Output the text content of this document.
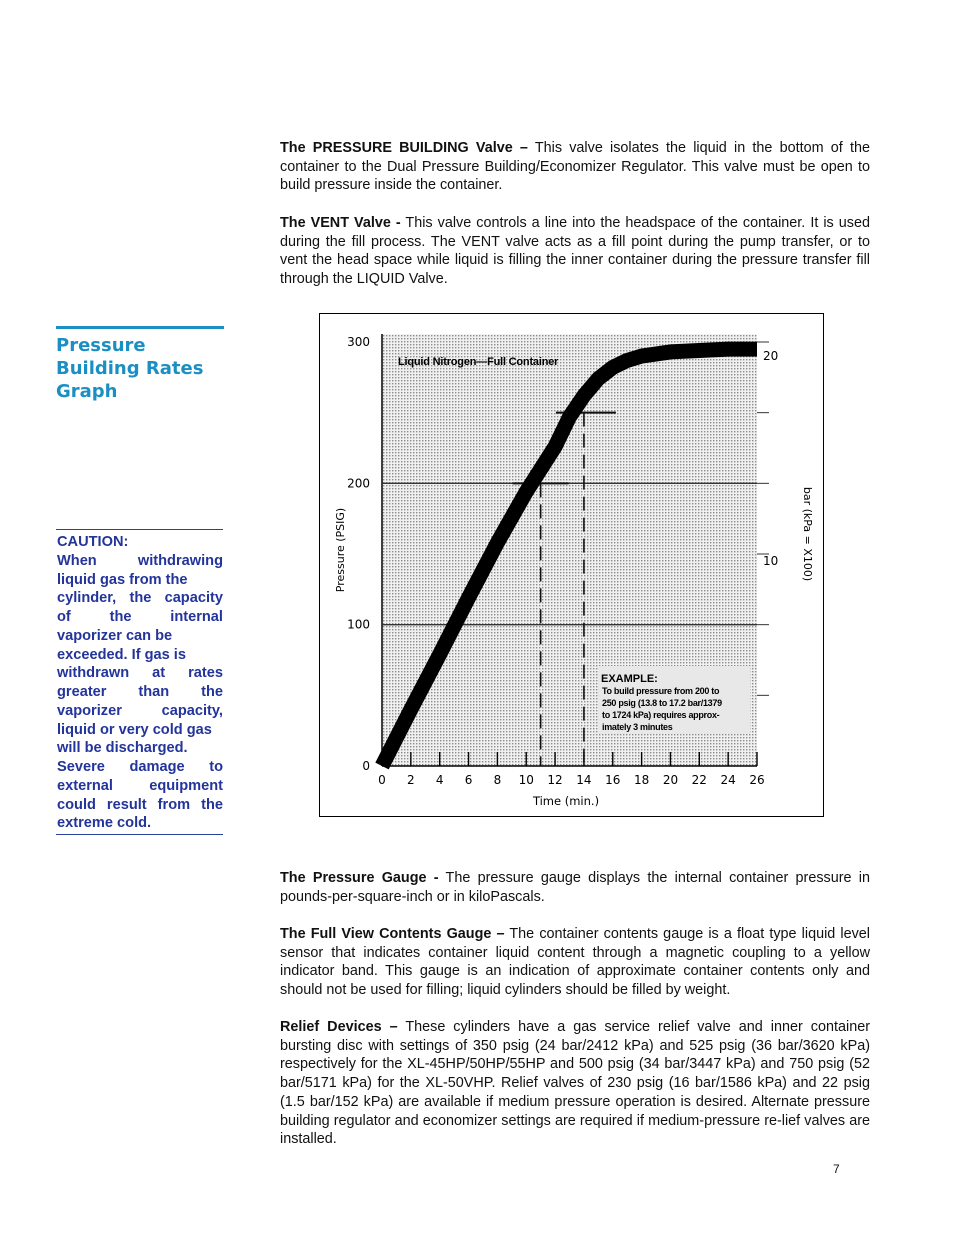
The PRESSURE BUILDING Valve – This valve isolates the liquid in the bottom of the container to the Dual Pressure Building/Economizer Regulator. This valve must be open to build pressure inside the container.

The VENT Valve - This valve controls a line into the headspace of the container. It is used during the fill process. The VENT valve acts as a fill point during the pump transfer, or to vent the head space while liquid is filling the inner container during the pressure transfer fill through the LIQUID Valve.

Pressure
Building Rates
Graph
CAUTION:
When	withdrawing
liquid gas from the
cylinder, the capacity
of	the	internal
vaporizer can be
exceeded. If gas is
withdrawn at rates
greater than the
vaporizer	capacity,
liquid or very cold gas
will be discharged.
Severe damage to
external equipment
could result from the
extreme cold.
0
100
200
300
10
20
0 2 4 6 8 10 12 14 16 18 20 22 24 26
Liquid Nitrogen—Full Container
EXAMPLE:
To build pressure from 200 to
250 psig (13.8 to 17.2 bar/1379
to 1724 kPa) requires approx-
imately 3 minutes
Pressure (PSIG)	bar (kPa = X100)
Time (min.)

The Pressure Gauge - The pressure gauge displays the internal container pressure in pounds-per-square-inch or in kiloPascals.

The Full View Contents Gauge – The container contents gauge is a float type liquid level sensor that indicates container liquid content through a magnetic coupling to a yellow indicator band. This gauge is an indication of approximate container contents only and should not be used for filling; liquid cylinders should be filled by weight.

Relief Devices – These cylinders have a gas service relief valve and inner container bursting disc with settings of 350 psig (24 bar/2412 kPa) and 525 psig (36 bar/3620 kPa) respectively for the XL-45HP/50HP/55HP and 500 psig (34 bar/3447 kPa) and 750 psig (52 bar/5171 kPa) for the XL-50VHP. Relief valves of 230 psig (16 bar/1586 kPa) and 22 psig (1.5 bar/152 kPa) are available if medium pressure operation is desired. Alternate pressure building regulator and economizer settings are required if medium-pressure re-lief valves are installed.

7
